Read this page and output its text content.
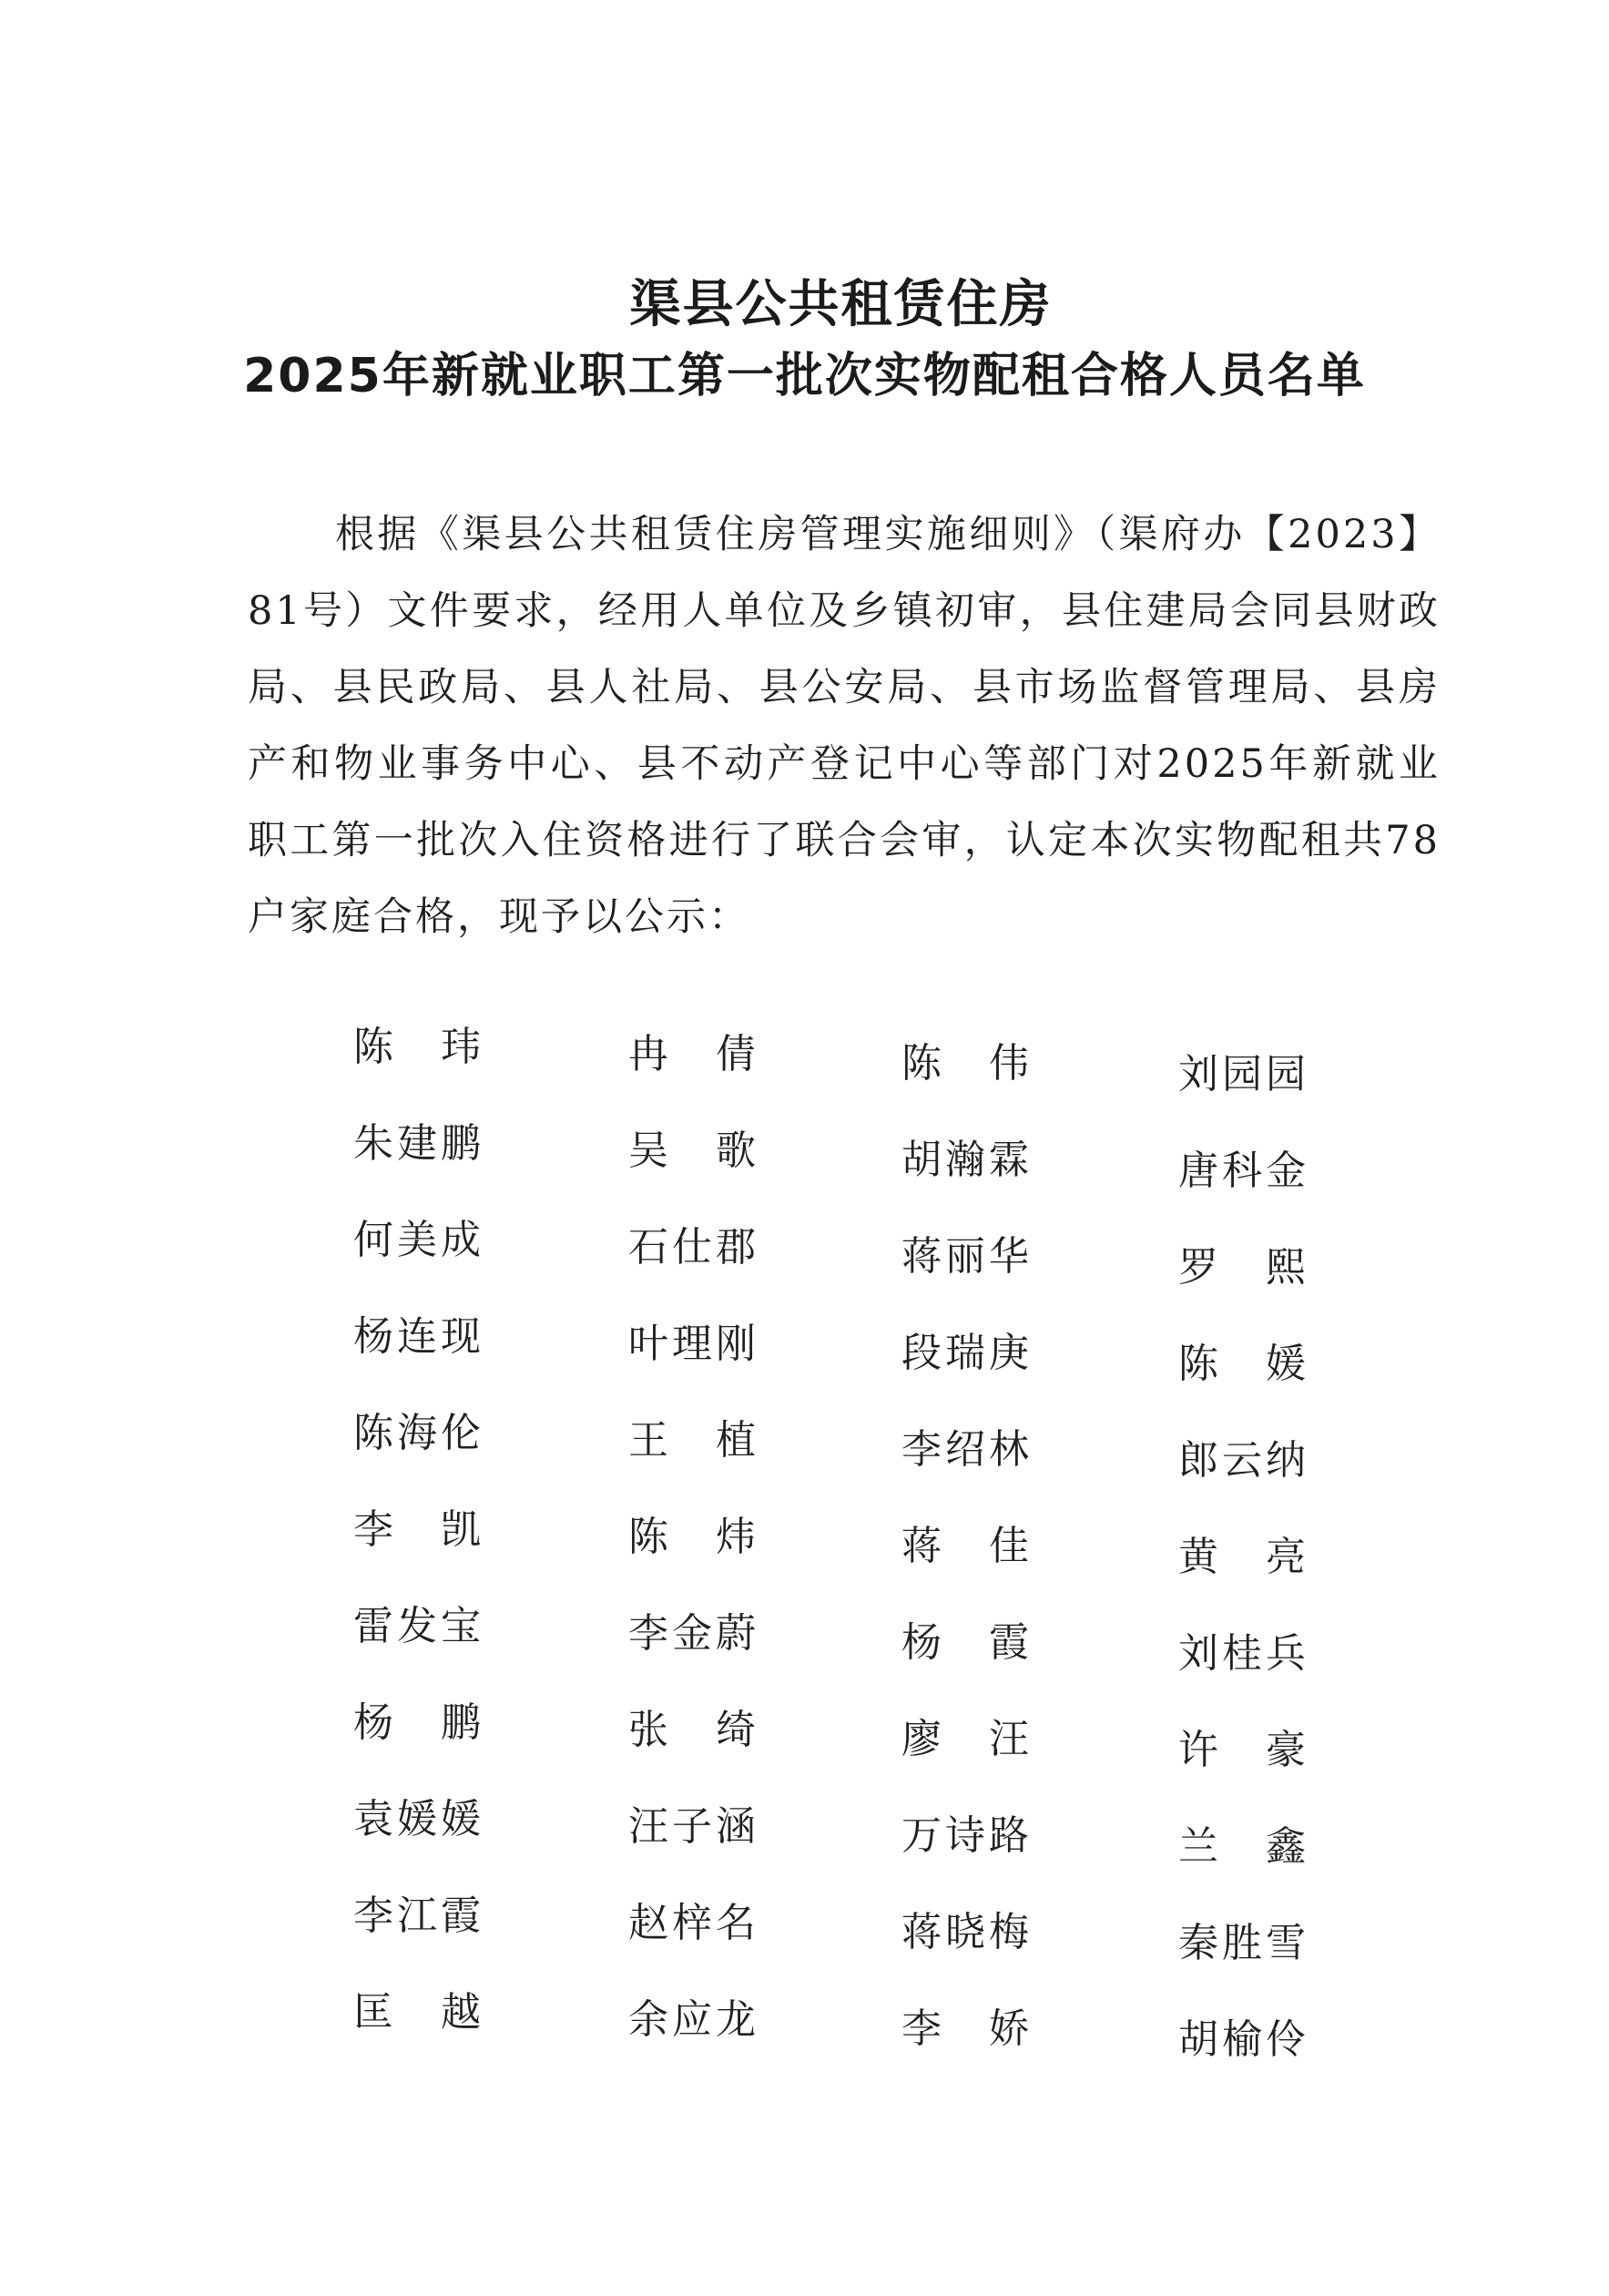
渠县公共租赁住房
2025年新就业职工第一批次实物配租合格人员名单
根据《渠县公共租赁住房管理实施细则》（渠府办【2023】81号）文件要求，经用人单位及乡镇初审，县住建局会同县财政局、县民政局、县人社局、县公安局、县市场监督管理局、县房产和物业事务中心、县不动产登记中心等部门对2025年新就业职工第一批次入住资格进行了联合会审，认定本次实物配租共78户家庭合格，现予以公示：
陈　玮	冉　倩	陈　伟	刘园园
朱建鹏	吴　歌	胡瀚霖	唐科金
何美成	石仕郡	蒋丽华	罗　熙
杨连现	叶理刚	段瑞庚	陈　媛
陈海伦	王　植	李绍林	郎云纳
李　凯	陈　炜	蒋　佳	黄　亮
雷发宝	李金蔚	杨　霞	刘桂兵
杨　鹏	张　绮	廖　汪	许　豪
袁媛媛	汪子涵	万诗路	兰　鑫
李江霞	赵梓名	蒋晓梅	秦胜雪
匡　越	余应龙	李　娇	胡榆伶
